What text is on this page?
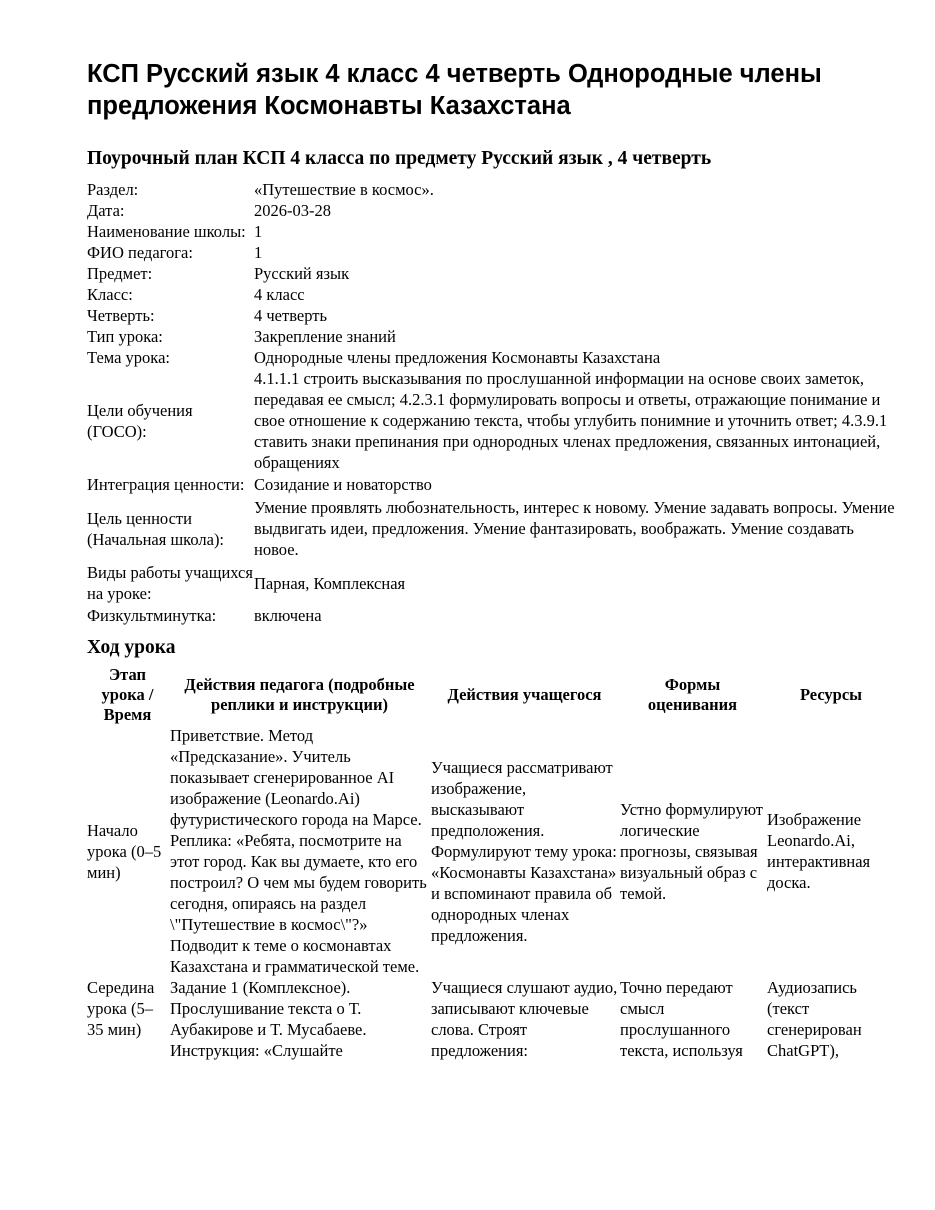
КСП Русский язык 4 класс 4 четверть Однородные члены предложения Космонавты Казахстана
Поурочный план КСП 4 класса по предмету Русский язык , 4 четверть
Раздел:	«Путешествие в космос».
Дата:	2026-03-28
Наименование школы:	1
ФИО педагога:	1
Предмет:	Русский язык
Класс:	4 класс
Четверть:	4 четверть
Тип урока:	Закрепление знаний
Тема урока:	Однородные члены предложения Космонавты Казахстана
Цели обучения (ГОСО):	4.1.1.1 строить высказывания по прослушанной информации на основе своих заметок, передавая ее смысл; 4.2.3.1 формулировать вопросы и ответы, отражающие понимание и свое отношение к содержанию текста, чтобы углубить понимние и уточнить ответ; 4.3.9.1 ставить знаки препинания при однородных членах предложения, связанных интонацией, обращениях
Интеграция ценности:	Созидание и новаторство
Цель ценности (Начальная школа):	Умение проявлять любознательность, интерес к новому. Умение задавать вопросы. Умение выдвигать идеи, предложения. Умение фантазировать, воображать. Умение создавать новое.
Виды работы учащихся на уроке:	Парная, Комплексная
Физкультминутка:	включена
Ход урока
Этап урока / Время	Действия педагога (подробные реплики и инструкции)	Действия учащегося	Формы оценивания	Ресурсы
Начало урока (0–5 мин)	Приветствие. Метод «Предсказание». Учитель показывает сгенерированное AI изображение (Leonardo.Ai) футуристического города на Марсе. Реплика: «Ребята, посмотрите на этот город. Как вы думаете, кто его построил? О чем мы будем говорить сегодня, опираясь на раздел \"Путешествие в космос\"?» Подводит к теме о космонавтах Казахстана и грамматической теме.	Учащиеся рассматривают изображение, высказывают предположения. Формулируют тему урока: «Космонавты Казахстана» и вспоминают правила об однородных членах предложения.	Устно формулируют логические прогнозы, связывая визуальный образ с темой.	Изображение Leonardo.Ai, интерактивная доска.
Середина урока (5–35 мин)	Задание 1 (Комплексное). Прослушивание текста о Т. Аубакирове и Т. Мусабаеве. Инструкция: «Слушайте	Учащиеся слушают аудио, записывают ключевые слова. Строят предложения:	Точно передают смысл прослушанного текста, используя	Аудиозапись (текст сгенерирован ChatGPT),
